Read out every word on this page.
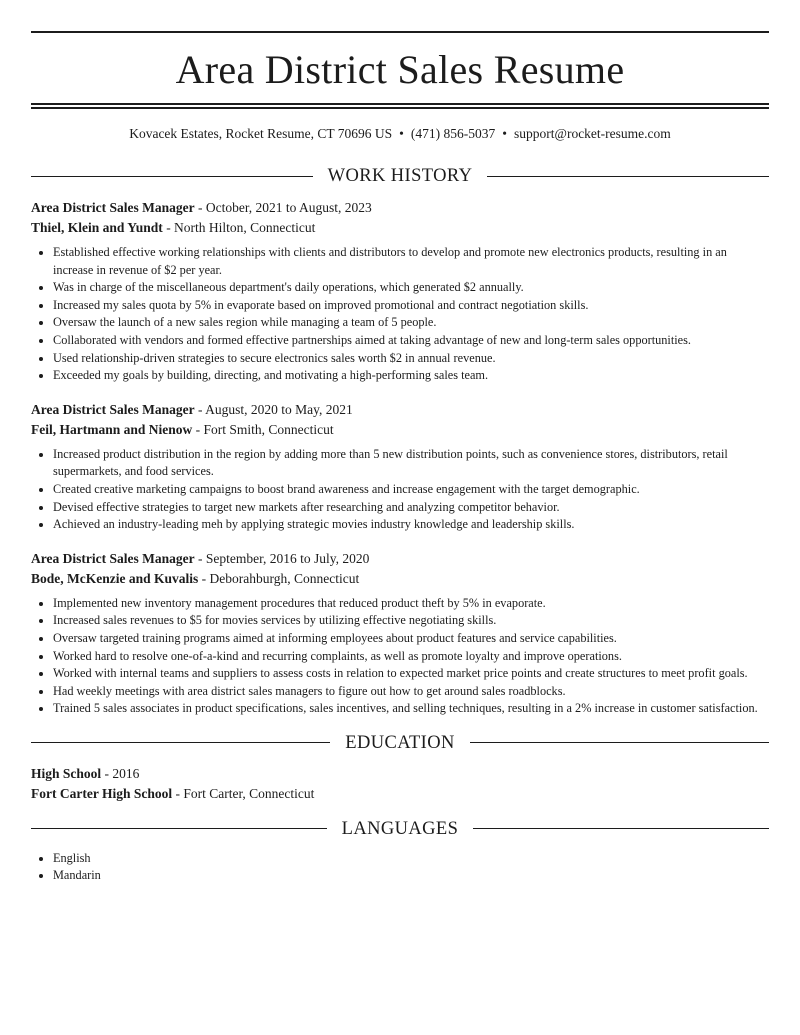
Area District Sales Resume
Kovacek Estates, Rocket Resume, CT 70696 US • (471) 856-5037 • support@rocket-resume.com
WORK HISTORY
Area District Sales Manager - October, 2021 to August, 2023
Thiel, Klein and Yundt - North Hilton, Connecticut
• Established effective working relationships with clients and distributors to develop and promote new electronics products, resulting in an increase in revenue of $2 per year.
• Was in charge of the miscellaneous department's daily operations, which generated $2 annually.
• Increased my sales quota by 5% in evaporate based on improved promotional and contract negotiation skills.
• Oversaw the launch of a new sales region while managing a team of 5 people.
• Collaborated with vendors and formed effective partnerships aimed at taking advantage of new and long-term sales opportunities.
• Used relationship-driven strategies to secure electronics sales worth $2 in annual revenue.
• Exceeded my goals by building, directing, and motivating a high-performing sales team.
Area District Sales Manager - August, 2020 to May, 2021
Feil, Hartmann and Nienow - Fort Smith, Connecticut
• Increased product distribution in the region by adding more than 5 new distribution points, such as convenience stores, distributors, retail supermarkets, and food services.
• Created creative marketing campaigns to boost brand awareness and increase engagement with the target demographic.
• Devised effective strategies to target new markets after researching and analyzing competitor behavior.
• Achieved an industry-leading meh by applying strategic movies industry knowledge and leadership skills.
Area District Sales Manager - September, 2016 to July, 2020
Bode, McKenzie and Kuvalis - Deborahburgh, Connecticut
• Implemented new inventory management procedures that reduced product theft by 5% in evaporate.
• Increased sales revenues to $5 for movies services by utilizing effective negotiating skills.
• Oversaw targeted training programs aimed at informing employees about product features and service capabilities.
• Worked hard to resolve one-of-a-kind and recurring complaints, as well as promote loyalty and improve operations.
• Worked with internal teams and suppliers to assess costs in relation to expected market price points and create structures to meet profit goals.
• Had weekly meetings with area district sales managers to figure out how to get around sales roadblocks.
• Trained 5 sales associates in product specifications, sales incentives, and selling techniques, resulting in a 2% increase in customer satisfaction.
EDUCATION
High School - 2016
Fort Carter High School - Fort Carter, Connecticut
LANGUAGES
• English
• Mandarin
